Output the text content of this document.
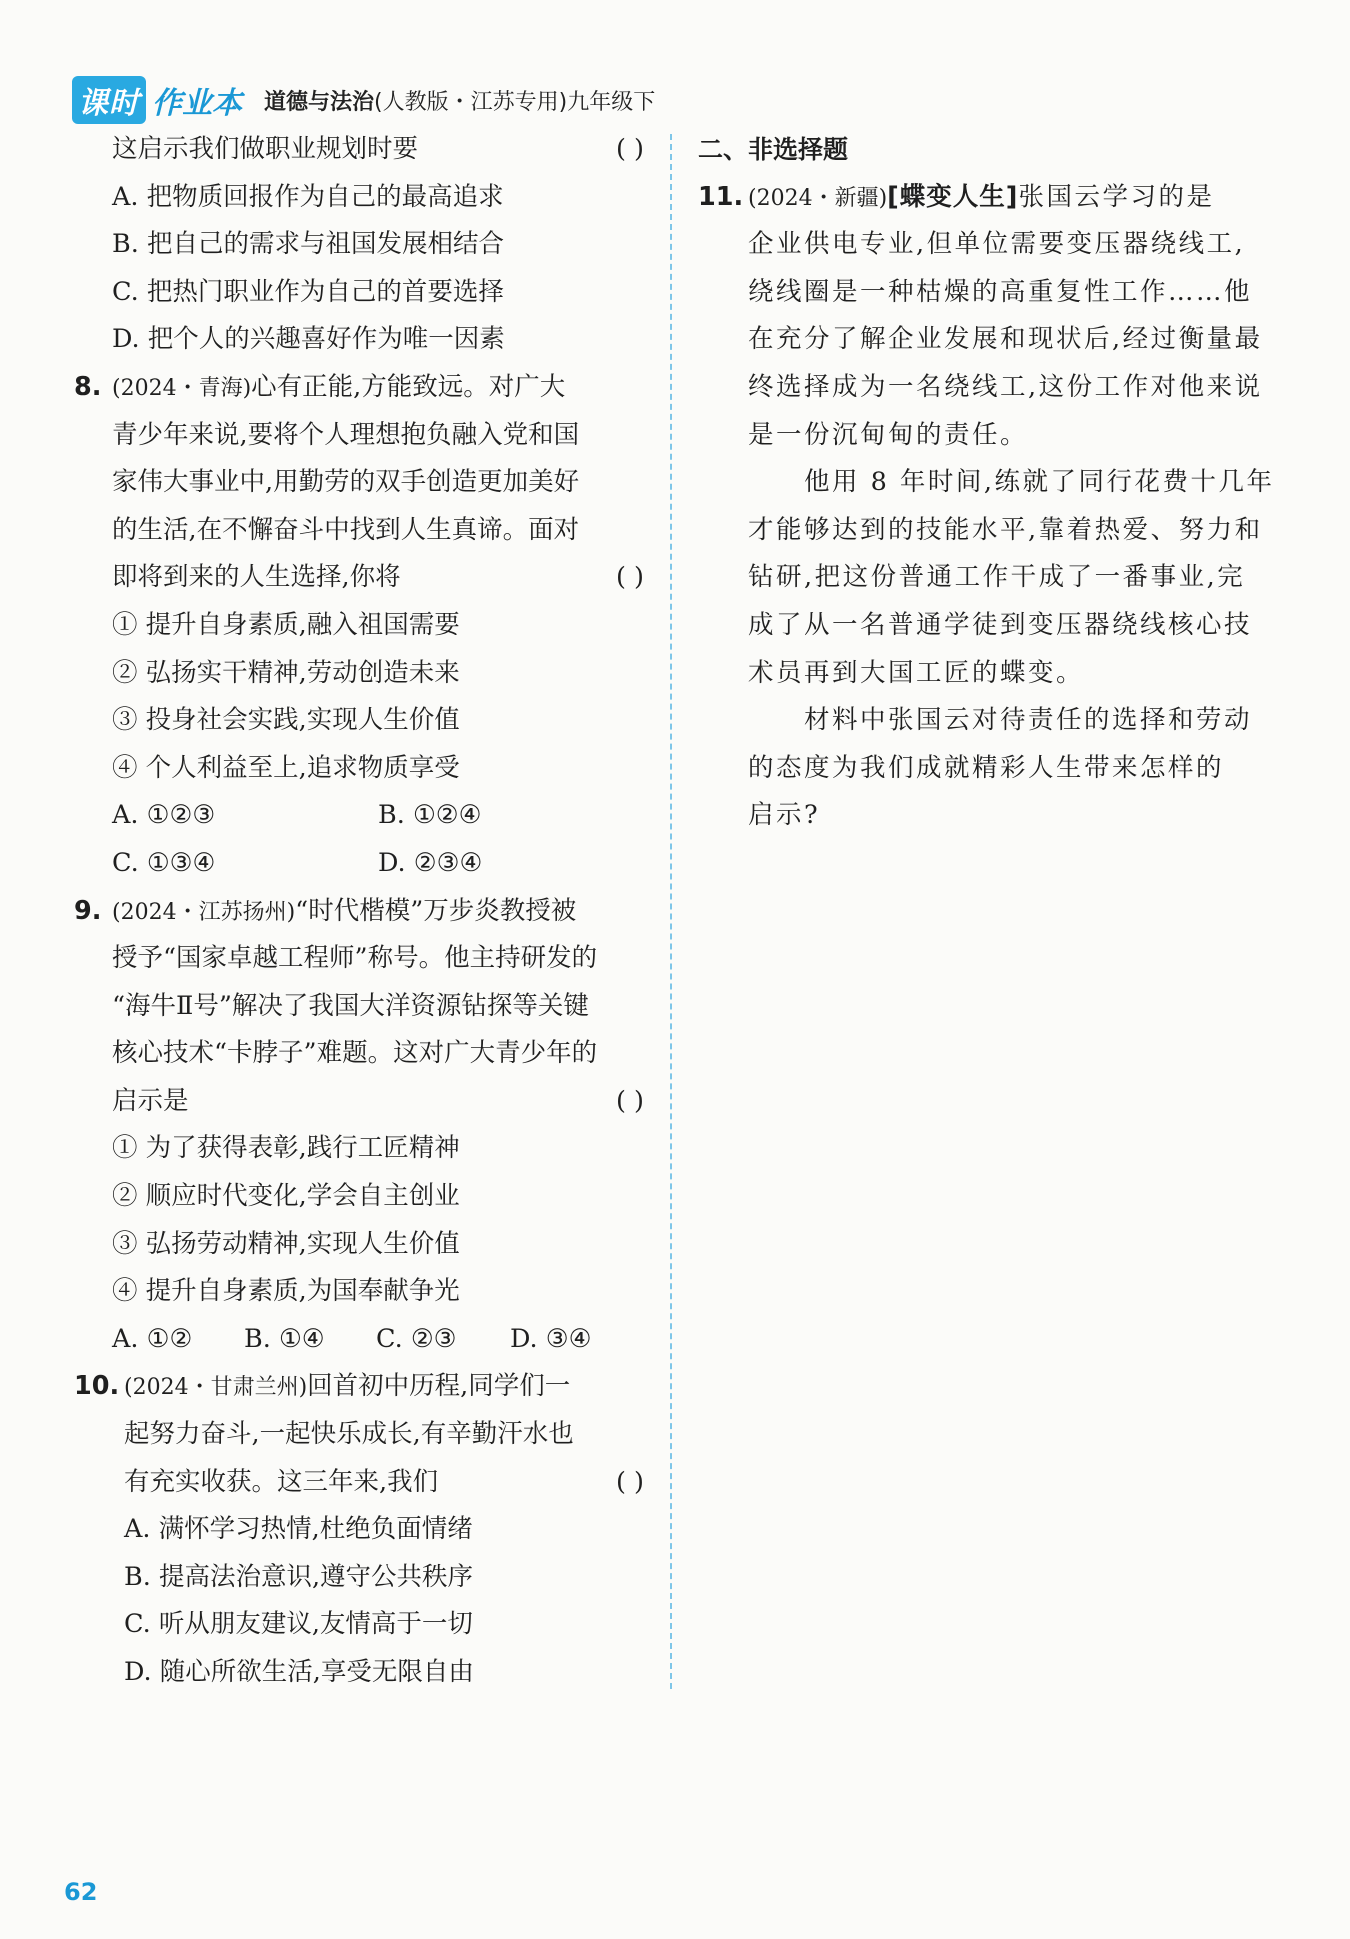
课时 作业本 道德与法治 (人教版・江苏专用) 九年级下
这启示我们做职业规划时要	( )
A. 把物质回报作为自己的最高追求
B. 把自己的需求与祖国发展相结合
C. 把热门职业作为自己的首要选择
D. 把个人的兴趣喜好作为唯一因素
8. (2024・青海)心有正能,方能致远。对广大
青少年来说,要将个人理想抱负融入党和国
家伟大事业中,用勤劳的双手创造更加美好
的生活,在不懈奋斗中找到人生真谛。面对
即将到来的人生选择,你将	( )
① 提升自身素质,融入祖国需要
② 弘扬实干精神,劳动创造未来
③ 投身社会实践,实现人生价值
④ 个人利益至上,追求物质享受
A. ①②③	B. ①②④
C. ①③④	D. ②③④
9. (2024・江苏扬州)“时代楷模”万步炎教授被
授予“国家卓越工程师”称号。他主持研发的
“海牛Ⅱ号”解决了我国大洋资源钻探等关键
核心技术“卡脖子”难题。这对广大青少年的
启示是	( )
① 为了获得表彰,践行工匠精神
② 顺应时代变化,学会自主创业
③ 弘扬劳动精神,实现人生价值
④ 提升自身素质,为国奉献争光
A. ①②	B. ①④	C. ②③	D. ③④
10. (2024・甘肃兰州)回首初中历程,同学们一
起努力奋斗,一起快乐成长,有辛勤汗水也
有充实收获。这三年来,我们	( )
A. 满怀学习热情,杜绝负面情绪
B. 提高法治意识,遵守公共秩序
C. 听从朋友建议,友情高于一切
D. 随心所欲生活,享受无限自由
二、非选择题
11. (2024・新疆)[蝶变人生]张国云学习的是
企业供电专业,但单位需要变压器绕线工,
绕线圈是一种枯燥的高重复性工作……他
在充分了解企业发展和现状后,经过衡量最
终选择成为一名绕线工,这份工作对他来说
是一份沉甸甸的责任。
他用 8 年时间,练就了同行花费十几年
才能够达到的技能水平,靠着热爱、努力和
钻研,把这份普通工作干成了一番事业,完
成了从一名普通学徒到变压器绕线核心技
术员再到大国工匠的蝶变。
材料中张国云对待责任的选择和劳动
的态度为我们成就精彩人生带来怎样的
启示?
62
